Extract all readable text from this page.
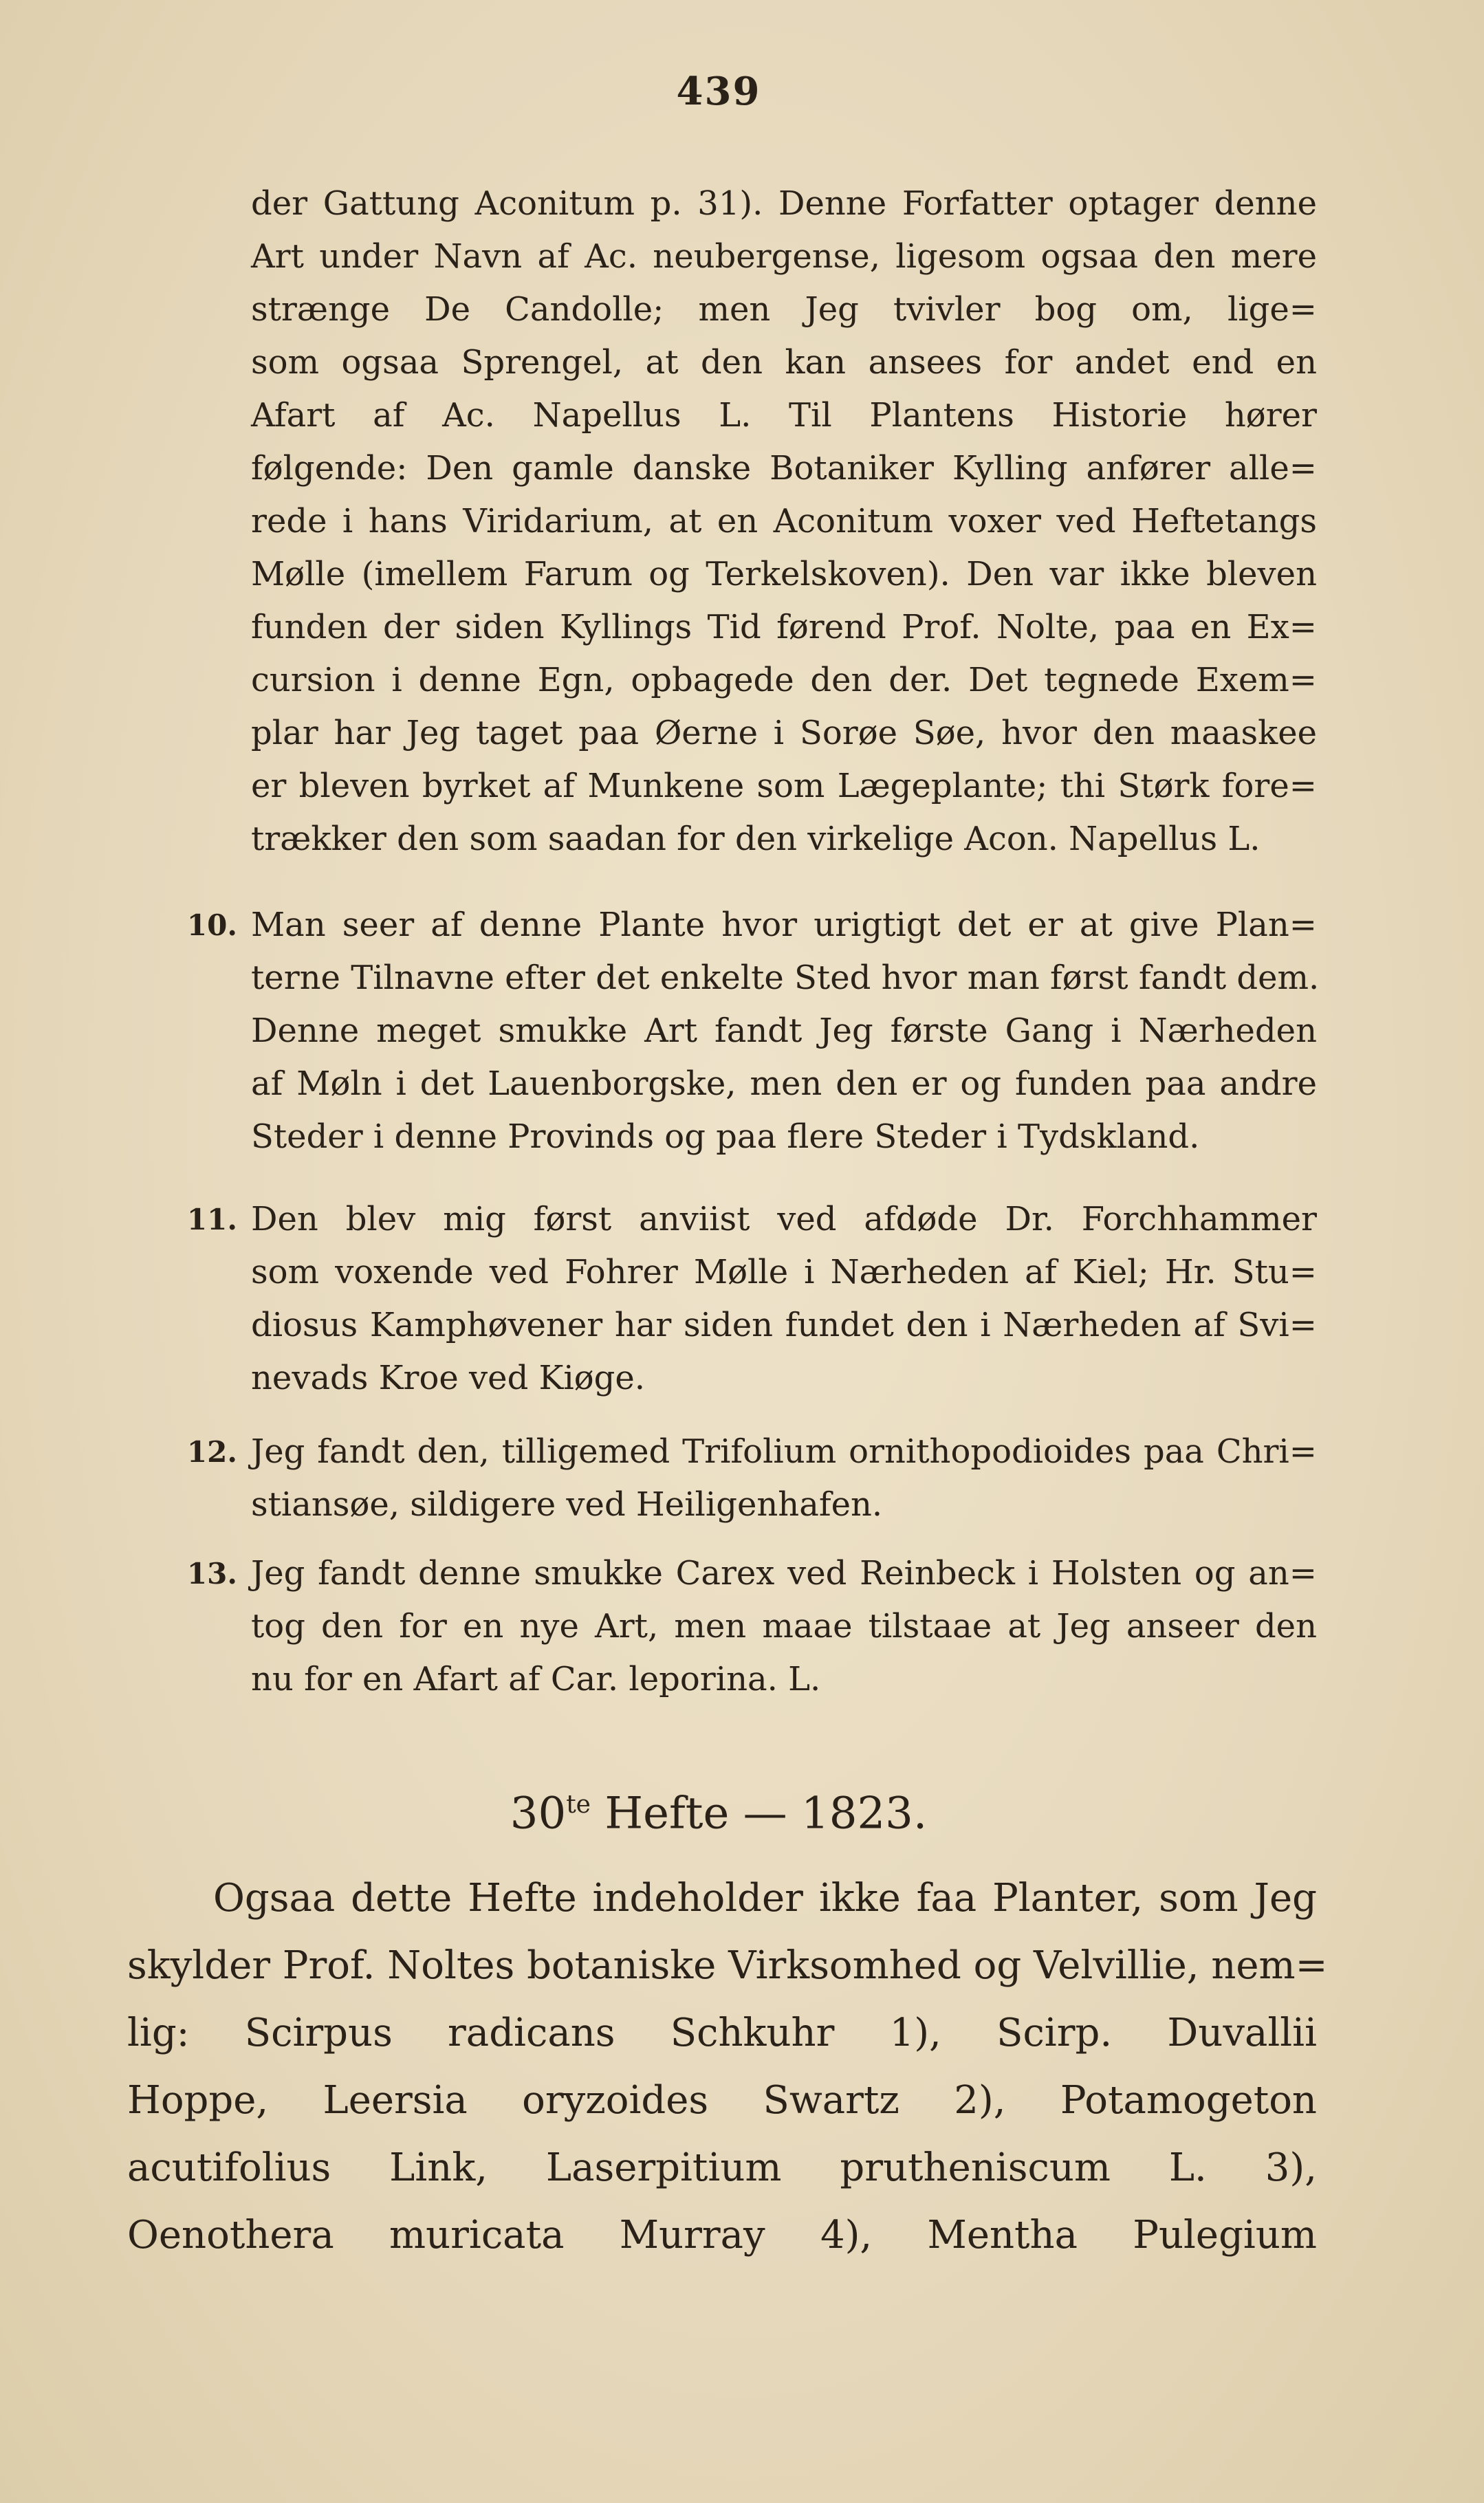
439
der Gattung Aconitum p. 31). Denne Forfatter optager denne
Art under Navn af Ac. neubergense, ligesom ogsaa den mere
strænge De Candolle; men Jeg tvivler bog om, lige=
som ogsaa Sprengel, at den kan ansees for andet end en
Afart af Ac. Napellus L. Til Plantens Historie hører
følgende: Den gamle danske Botaniker Kylling anfører alle=
rede i hans Viridarium, at en Aconitum voxer ved Heftetangs
Mølle (imellem Farum og Terkelskoven). Den var ikke bleven
funden der siden Kyllings Tid førend Prof. Nolte, paa en Ex=
cursion i denne Egn, opbagede den der. Det tegnede Exem=
plar har Jeg taget paa Øerne i Sorøe Søe, hvor den maaskee
er bleven byrket af Munkene som Lægeplante; thi Størk fore=
trækker den som saadan for den virkelige Acon. Napellus L.
10. Man seer af denne Plante hvor urigtigt det er at give Plan=
terne Tilnavne efter det enkelte Sted hvor man først fandt dem.
Denne meget smukke Art fandt Jeg første Gang i Nærheden
af Møln i det Lauenborgske, men den er og funden paa andre
Steder i denne Provinds og paa flere Steder i Tydskland.
11. Den blev mig først anviist ved afdøde Dr. Forchhammer
som voxende ved Fohrer Mølle i Nærheden af Kiel; Hr. Stu=
diosus Kamphøvener har siden fundet den i Nærheden af Svi=
nevads Kroe ved Kiøge.
12. Jeg fandt den, tilligemed Trifolium ornithopodioides paa Chri=
stiansøe, sildigere ved Heiligenhafen.
13. Jeg fandt denne smukke Carex ved Reinbeck i Holsten og an=
tog den for en nye Art, men maae tilstaae at Jeg anseer den
nu for en Afart af Car. leporina. L.
$30^{te}$ Hefte — 1823.
Ogsaa dette Hefte indeholder ikke faa Planter, som Jeg
skylder Prof. Noltes botaniske Virksomhed og Velvillie, nem=
lig: Scirpus radicans Schkuhr 1), Scirp. Duvallii
Hoppe, Leersia oryzoides Swartz 2), Potamogeton
acutifolius Link, Laserpitium prutheniscum L. 3),
Oenothera muricata Murray 4), Mentha Pulegium
